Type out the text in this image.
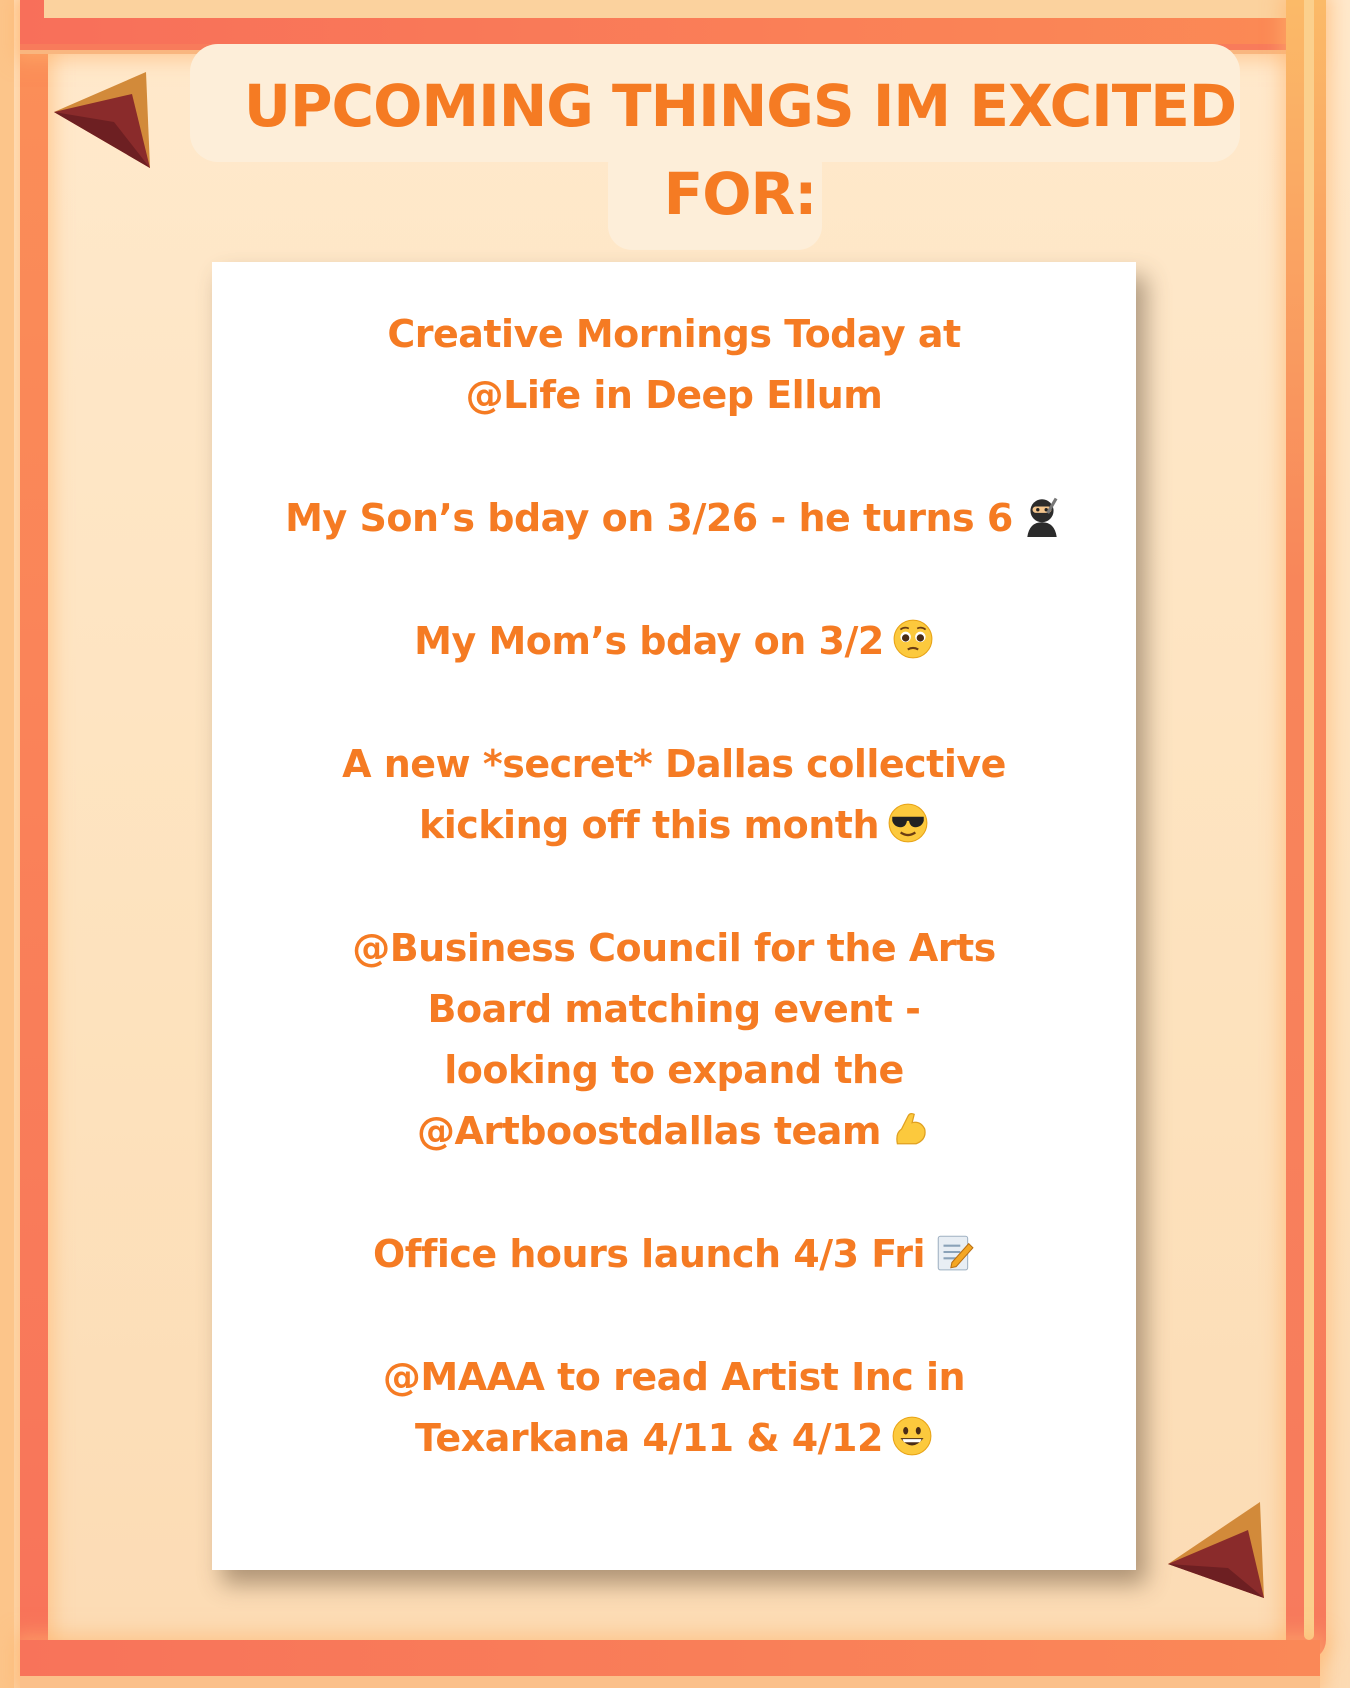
UPCOMING THINGS IM EXCITED
FOR:
Creative Mornings Today at
@Life in Deep Ellum
My Son’s bday on 3/26 - he turns 6
My Mom’s bday on 3/2
A new *secret* Dallas collective
kicking off this month
@Business Council for the Arts
Board matching event -
looking to expand the
@Artboostdallas team
Office hours launch 4/3 Fri
@MAAA to read Artist Inc in
Texarkana 4/11 & 4/12
